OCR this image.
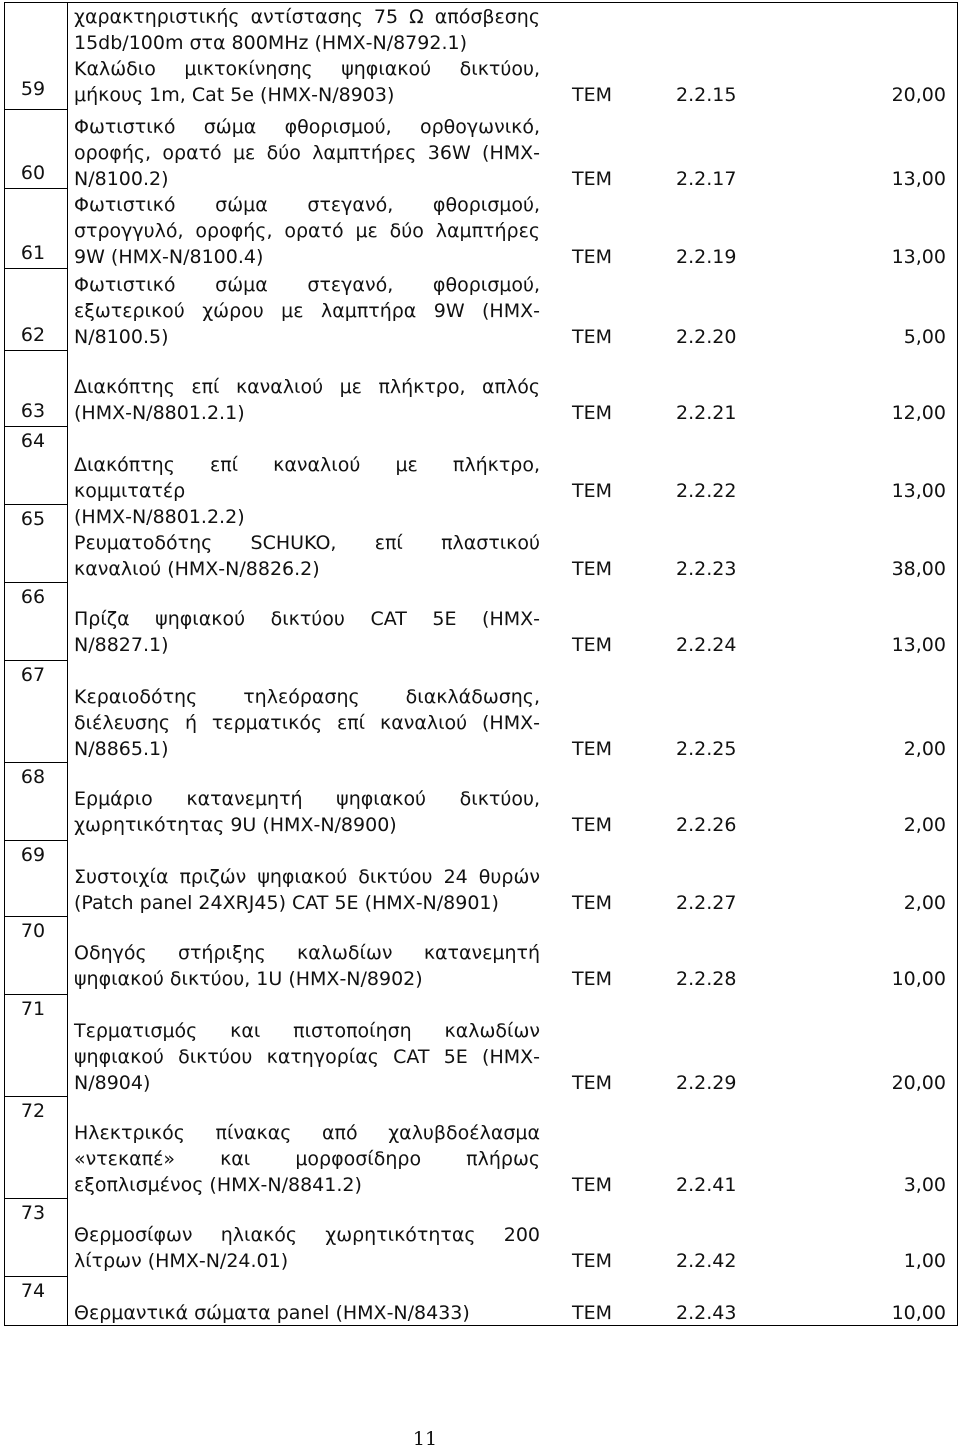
59
χαρακτηριστικής αντίστασης 75 Ω απόσβεσης
15db/100m στα 800MHz (ΗΜΧ-Ν/8792.1)
Καλώδιο μικτοκίνησης ψηφιακού δικτύου,
μήκους 1m, Cat 5e (ΗΜΧ-Ν/8903)	ΤΕΜ	2.2.15	20,00
60
Φωτιστικό σώμα φθορισμού, ορθογωνικό,
οροφής, ορατό με δύο λαμπτήρες 36W (ΗΜΧ-
Ν/8100.2)	ΤΕΜ	2.2.17	13,00
61
Φωτιστικό σώμα στεγανό, φθορισμού,
στρογγυλό, οροφής, ορατό με δύο λαμπτήρες
9W (ΗΜΧ-Ν/8100.4)	ΤΕΜ	2.2.19	13,00
62
Φωτιστικό σώμα στεγανό, φθορισμού,
εξωτερικού χώρου με λαμπτήρα 9W (ΗΜΧ-
Ν/8100.5)	ΤΕΜ	2.2.20	5,00
63
Διακόπτης επί καναλιού με πλήκτρο, απλός
(ΗΜΧ-Ν/8801.2.1)	ΤΕΜ	2.2.21	12,00
64
Διακόπτης επί καναλιού με πλήκτρο, κομμιτατέρ
(ΗΜΧ-Ν/8801.2.2)
ΤΕΜ	2.2.22	13,00
65
Ρευματοδότης SCHUKO, επί πλαστικού
καναλιού (ΗΜΧ-Ν/8826.2)	ΤΕΜ	2.2.23	38,00
66
Πρίζα ψηφιακού δικτύου CAT 5E (ΗΜΧ-
Ν/8827.1)	ΤΕΜ	2.2.24	13,00
67
Κεραιοδότης τηλεόρασης διακλάδωσης,
διέλευσης ή τερματικός επί καναλιού (ΗΜΧ-
Ν/8865.1)	ΤΕΜ	2.2.25	2,00
68
Ερμάριο κατανεμητή ψηφιακού δικτύου,
χωρητικότητας 9U (ΗΜΧ-Ν/8900)	ΤΕΜ	2.2.26	2,00
69
Συστοιχία πριζών ψηφιακού δικτύου 24 θυρών
(Patch panel 24XRJ45) CAT 5E (ΗΜΧ-Ν/8901)	ΤΕΜ	2.2.27	2,00
70
Οδηγός στήριξης καλωδίων κατανεμητή
ψηφιακού δικτύου, 1U (ΗΜΧ-Ν/8902)	ΤΕΜ	2.2.28	10,00
71
Τερματισμός και πιστοποίηση καλωδίων
ψηφιακού δικτύου κατηγορίας CAT 5E (ΗΜΧ-
Ν/8904)	ΤΕΜ	2.2.29	20,00
72
Ηλεκτρικός πίνακας από χαλυβδοέλασμα
«ντεκαπέ» και μορφοσίδηρο πλήρως
εξοπλισμένος (ΗΜΧ-Ν/8841.2)	ΤΕΜ	2.2.41	3,00
73
Θερμοσίφων ηλιακός χωρητικότητας 200
λίτρων (ΗΜΧ-Ν/24.01)	ΤΕΜ	2.2.42	1,00
74
Θερμαντικά σώματα panel (ΗΜΧ-Ν/8433)	ΤΕΜ	2.2.43	10,00
11
